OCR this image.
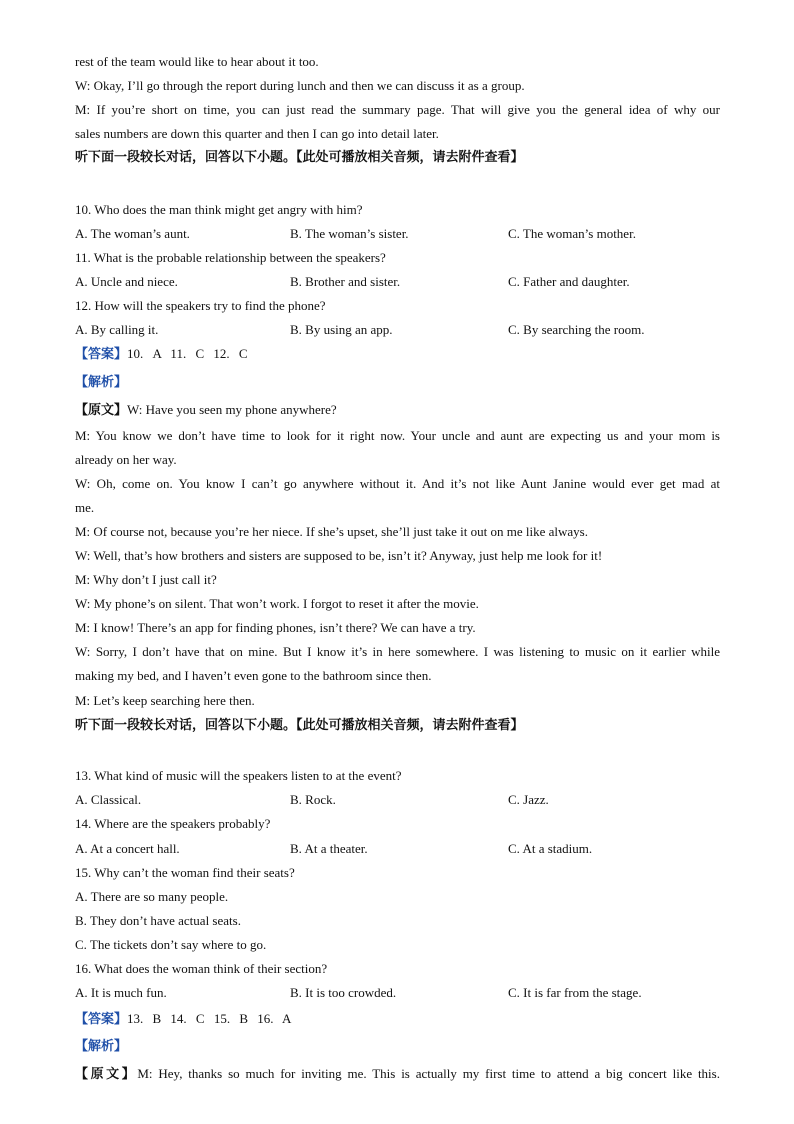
rest of the team would like to hear about it too.
W: Okay, I’ll go through the report during lunch and then we can discuss it as a group.
M: If you’re short on time, you can just read the summary page. That will give you the general idea of why our
sales numbers are down this quarter and then I can go into detail later.
听下面一段较长对话，回答以下小题。【此处可播放相关音频，请去附件查看】
10. Who does the man think might get angry with him?
A. The woman’s aunt.	B. The woman’s sister.	C. The woman’s mother.
11. What is the probable relationship between the speakers?
A. Uncle and niece.	B. Brother and sister.	C. Father and daughter.
12. How will the speakers try to find the phone?
A. By calling it.	B. By using an app.	C. By searching the room.
【答案】10. A 11. C 12. C
【解析】
【原文】W: Have you seen my phone anywhere?
M: You know we don’t have time to look for it right now. Your uncle and aunt are expecting us and your mom is
already on her way.
W: Oh, come on. You know I can’t go anywhere without it. And it’s not like Aunt Janine would ever get mad at
me.
M: Of course not, because you’re her niece. If she’s upset, she’ll just take it out on me like always.
W: Well, that’s how brothers and sisters are supposed to be, isn’t it? Anyway, just help me look for it!
M: Why don’t I just call it?
W: My phone’s on silent. That won’t work. I forgot to reset it after the movie.
M: I know! There’s an app for finding phones, isn’t there? We can have a try.
W: Sorry, I don’t have that on mine. But I know it’s in here somewhere. I was listening to music on it earlier while
making my bed, and I haven’t even gone to the bathroom since then.
M: Let’s keep searching here then.
听下面一段较长对话，回答以下小题。【此处可播放相关音频，请去附件查看】
13. What kind of music will the speakers listen to at the event?
A. Classical.	B. Rock.	C. Jazz.
14. Where are the speakers probably?
A. At a concert hall.	B. At a theater.	C. At a stadium.
15. Why can’t the woman find their seats?
A. There are so many people.
B. They don’t have actual seats.
C. The tickets don’t say where to go.
16. What does the woman think of their section?
A. It is much fun.	B. It is too crowded.	C. It is far from the stage.
【答案】13. B 14. C 15. B 16. A
【解析】
【原文】M: Hey, thanks so much for inviting me. This is actually my first time to attend a big concert like this.
